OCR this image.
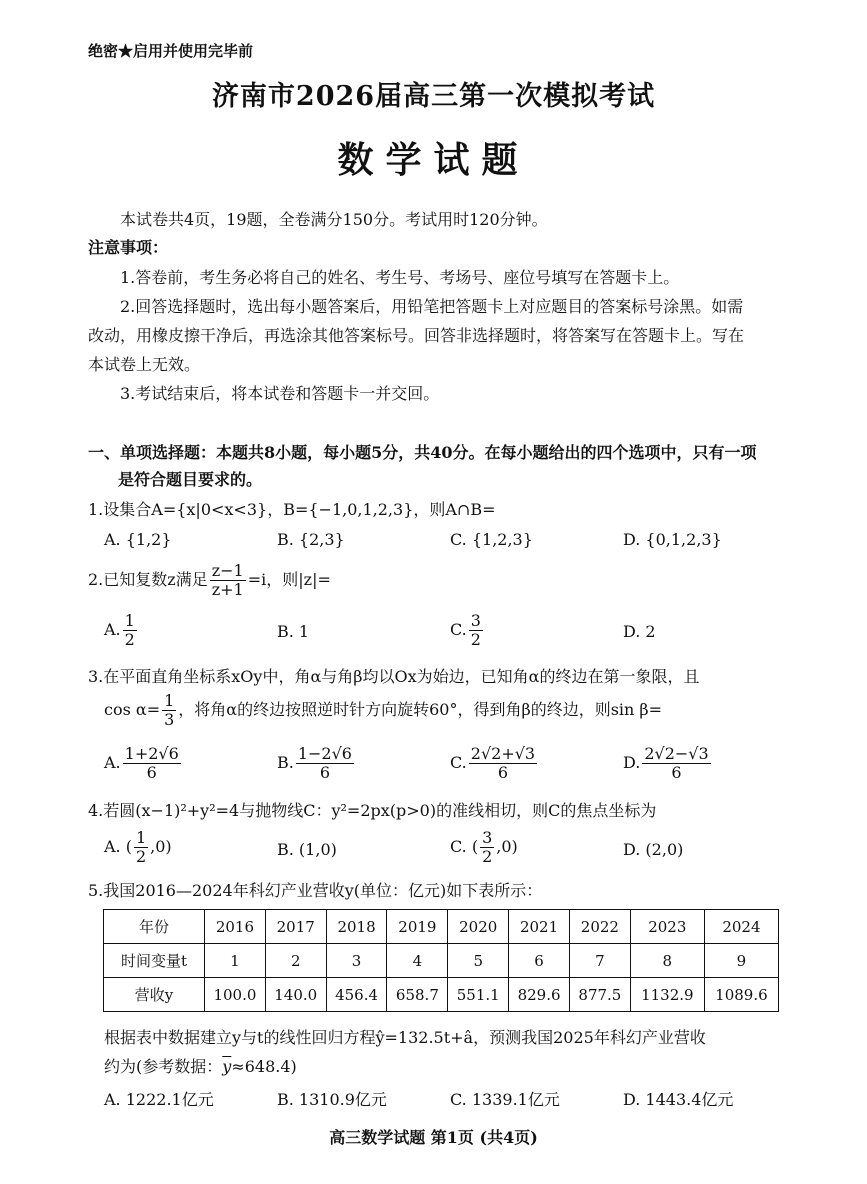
绝密★启用并使用完毕前
济南市2026届高三第一次模拟考试
数学试题
本试卷共4页，19题，全卷满分150分。考试用时120分钟。
注意事项：
1.答卷前，考生务必将自己的姓名、考生号、考场号、座位号填写在答题卡上。
2.回答选择题时，选出每小题答案后，用铅笔把答题卡上对应题目的答案标号涂黑。如需
改动，用橡皮擦干净后，再选涂其他答案标号。回答非选择题时，将答案写在答题卡上。写在
本试卷上无效。
3.考试结束后，将本试卷和答题卡一并交回。
一、单项选择题：本题共8小题，每小题5分，共40分。在每小题给出的四个选项中，只有一项
是符合题目要求的。
1.设集合A={x|0<x<3}，B={−1,0,1,2,3}，则A∩B=
A. {1,2}	B. {2,3}	C. {1,2,3}	D. {0,1,2,3}
2.已知复数z满足 $\frac{z-1}{z+1} =i$，则|z|=
A. $\frac{1}{2}$	B. 1	C. $\frac{3}{2}$	D. 2
3.在平面直角坐标系xOy中，角α与角β均以Ox为始边，已知角α的终边在第一象限，且
$\cos \alpha= \frac{1}{3}$ ，将角α的终边按照逆时针方向旋转60°，得到角β的终边，则sin β=
A. $\frac{1+2√6}{6}$	B. $\frac{1-2√6}{6}$	C. $\frac{2√2+√3}{6}$	D. $\frac{2√2-√3}{6}$
4.若圆(x−1)²+y²=4与抛物线C：y²=2px(p>0)的准线相切，则C的焦点坐标为
A. ( $\frac{1}{2} ,0$)	B. (1,0)	C. ( $\frac{3}{2} ,0$)	D. (2,0)
5.我国2016—2024年科幻产业营收y(单位：亿元)如下表所示：
年份	2016	2017	2018	2019	2020	2021	2022	2023	2024
时间变量t	1	2	3	4	5	6	7	8	9
营收y	100.0	140.0	456.4	658.7	551.1	829.6	877.5	1132.9	1089.6
根据表中数据建立y与t的线性回归方程ŷ=132.5t+â，预测我国2025年科幻产业营收
约为(参考数据：$\overline{y}\approx 648.4$)
A. 1222.1亿元	B. 1310.9亿元	C. 1339.1亿元	D. 1443.4亿元
高三数学试题 第1页 (共4页)
